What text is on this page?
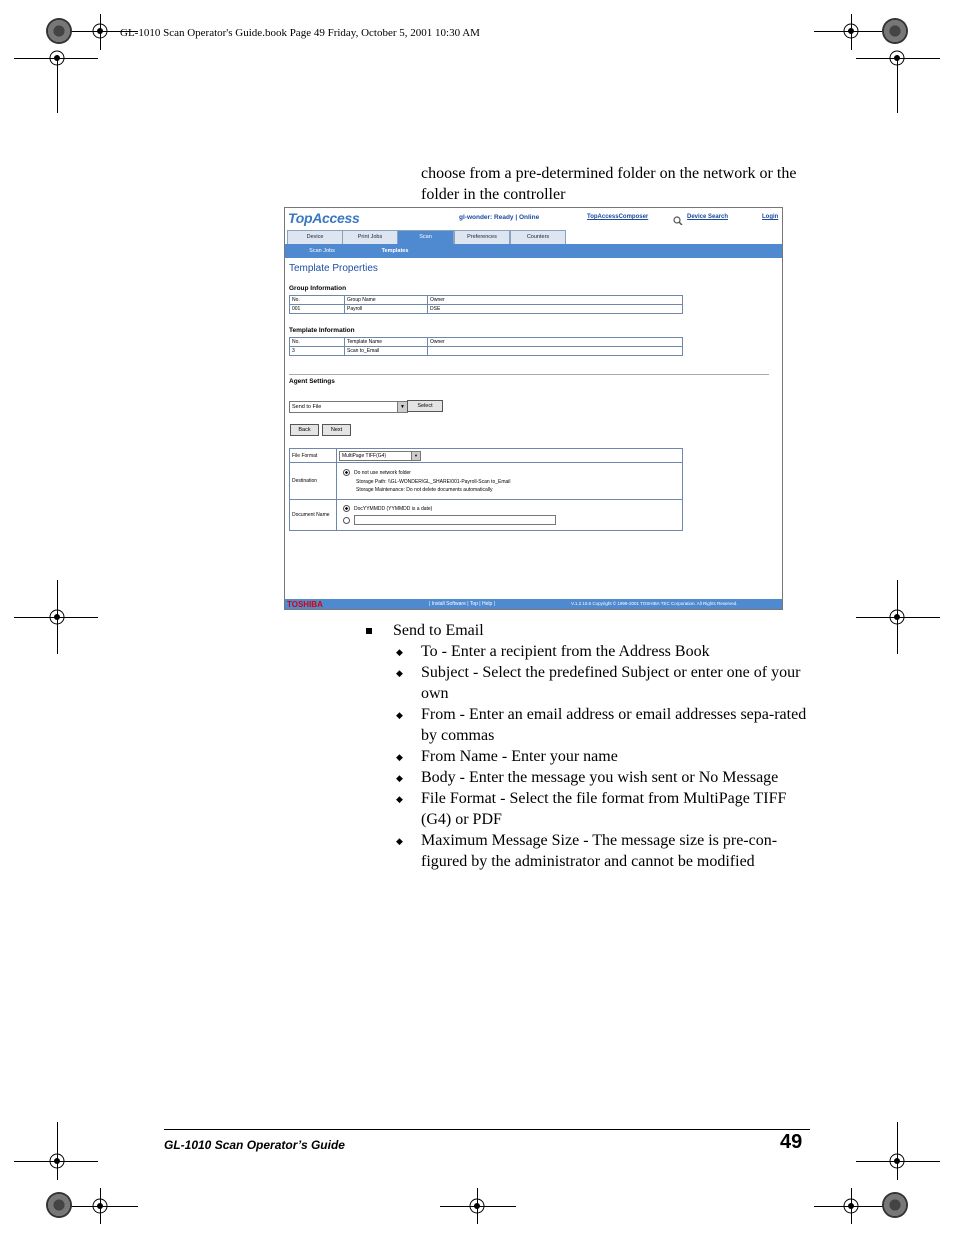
GL-1010 Scan Operator's Guide.book Page 49 Friday, October 5, 2001 10:30 AM
choose from a pre-determined folder on the network or the folder in the controller
TopAccess	gl-wonder: Ready | Online	TopAccessComposer	Device Search	Login
Device	Print Jobs	Scan	Preferences	Counters
Scan Jobs	Templates
Template Properties
Group Information
No.	Group Name	Owner
001	Payroll	DSE
Template Information
No.	Template Name	Owner
3	Scan to_Email	
Agent Settings
Send to File	▼	Select
Back	Next
File Format	MultiPage TIFF(G4) ▼

Destination	Do not use network folder
Storage Path: \\GL-WONDER\GL_SHARE\001-Payroll-Scan to_Email
Storage Maintenance: Do not delete documents automatically

Document Name	DocYYMMDD (YYMMDD is a date)
TOSHIBA	| Install Software | Top | Help |	V.1.2.10.6 Copyright © 1999-2001 TOSHIBA TEC Corporation. All Rights Reserved.
Send to Email
◆ To - Enter a recipient from the Address Book
◆ Subject - Select the predefined Subject or enter one of your own
◆ From - Enter an email address or email addresses sepa-rated by commas
◆ From Name - Enter your name
◆ Body - Enter the message you wish sent or No Message
◆ File Format - Select the file format from MultiPage TIFF (G4) or PDF
◆ Maximum Message Size - The message size is pre-con-figured by the administrator and cannot be modified
GL-1010 Scan Operator’s Guide	49
